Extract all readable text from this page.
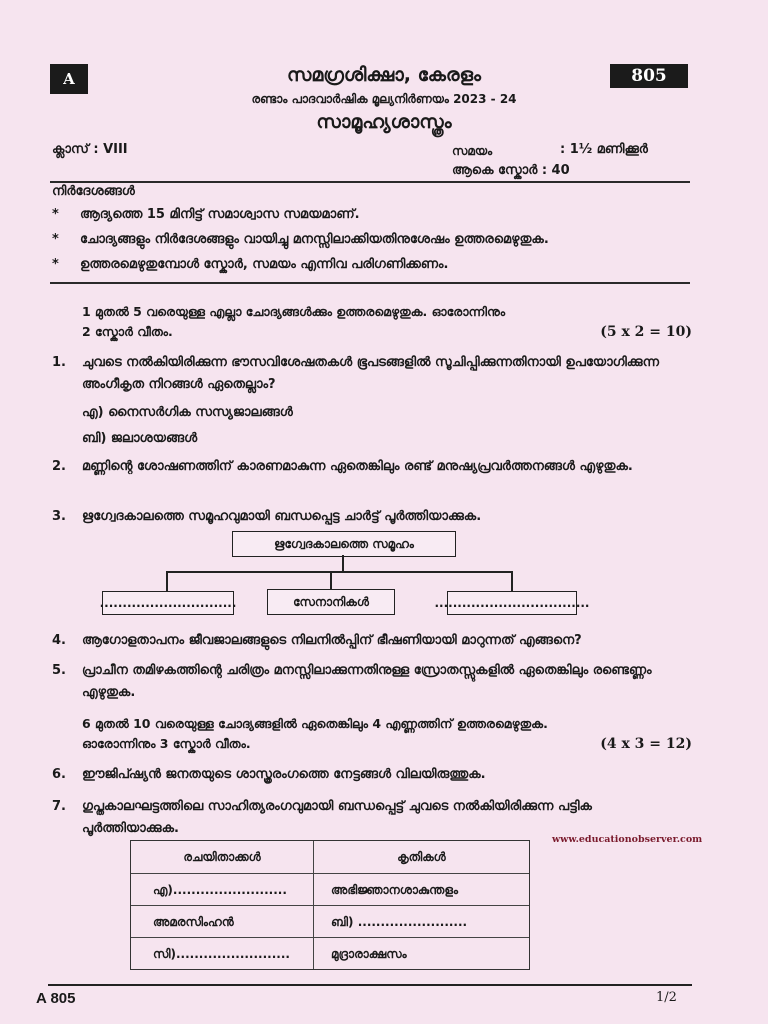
A	സമഗ്രശിക്ഷാ, കേരളം	805
രണ്ടാം പാദവാർഷിക മൂല്യനിർണയം 2023 - 24
സാമൂഹ്യശാസ്ത്രം
ക്ലാസ് : VIII	സമയം	: 1½ മണിക്കൂർ
ആകെ സ്കോർ : 40
നിർദേശങ്ങൾ
* ആദ്യത്തെ 15 മിനിട്ട് സമാശ്വാസ സമയമാണ്.
* ചോദ്യങ്ങളും നിർദേശങ്ങളും വായിച്ചു മനസ്സിലാക്കിയതിനുശേഷം ഉത്തരമെഴുതുക.
* ഉത്തരമെഴുതുമ്പോൾ സ്കോർ, സമയം എന്നിവ പരിഗണിക്കണം.
1 മുതൽ 5 വരെയുള്ള എല്ലാ ചോദ്യങ്ങൾക്കും ഉത്തരമെഴുതുക. ഓരോന്നിനും
2 സ്കോർ വീതം.	(5 x 2 = 10)
1.	ചുവടെ നൽകിയിരിക്കുന്ന ഭൗസവിശേഷതകൾ ഭൂപടങ്ങളിൽ സൂചിപ്പിക്കുന്നതിനായി ഉപയോഗിക്കുന്ന അംഗീകൃത നിറങ്ങൾ ഏതെല്ലാം?
എ) നൈസർഗിക സസ്യജാലങ്ങൾ
ബി) ജലാശയങ്ങൾ
2.	മണ്ണിന്റെ ശോഷണത്തിന് കാരണമാകുന്ന ഏതെങ്കിലും രണ്ട് മനുഷ്യപ്രവർത്തനങ്ങൾ എഴുതുക.
3.	ഋഗ്വേദകാലത്തെ സമൂഹവുമായി ബന്ധപ്പെട്ട ചാർട്ട് പൂർത്തിയാക്കുക.
ഋഗ്വേദകാലത്തെ സമൂഹം
..............................	സേനാനികൾ	..................................
4.	ആഗോളതാപനം ജീവജാലങ്ങളുടെ നിലനിൽപ്പിന് ഭീഷണിയായി മാറുന്നത് എങ്ങനെ?
5.	പ്രാചീന തമിഴകത്തിന്റെ ചരിത്രം മനസ്സിലാക്കുന്നതിനുള്ള സ്രോതസ്സുകളിൽ ഏതെങ്കിലും രണ്ടെണ്ണം എഴുതുക.
6 മുതൽ 10 വരെയുള്ള ചോദ്യങ്ങളിൽ ഏതെങ്കിലും 4 എണ്ണത്തിന് ഉത്തരമെഴുതുക.
ഓരോന്നിനും 3 സ്കോർ വീതം.	(4 x 3 = 12)
6.	ഈജിപ്ഷ്യൻ ജനതയുടെ ശാസ്ത്രരംഗത്തെ നേട്ടങ്ങൾ വിലയിരുത്തുക.
7.	ഗുപ്തകാലഘട്ടത്തിലെ സാഹിത്യരംഗവുമായി ബന്ധപ്പെട്ട് ചുവടെ നൽകിയിരിക്കുന്ന പട്ടിക പൂർത്തിയാക്കുക.
www.educationobserver.com
രചയിതാക്കൾ	കൃതികൾ
എ).........................	അഭിജ്ഞാനശാകുന്തളം
അമരസിംഹൻ	ബി) ........................
സി).........................	മുദ്രാരാക്ഷസം
A 805	1/2
